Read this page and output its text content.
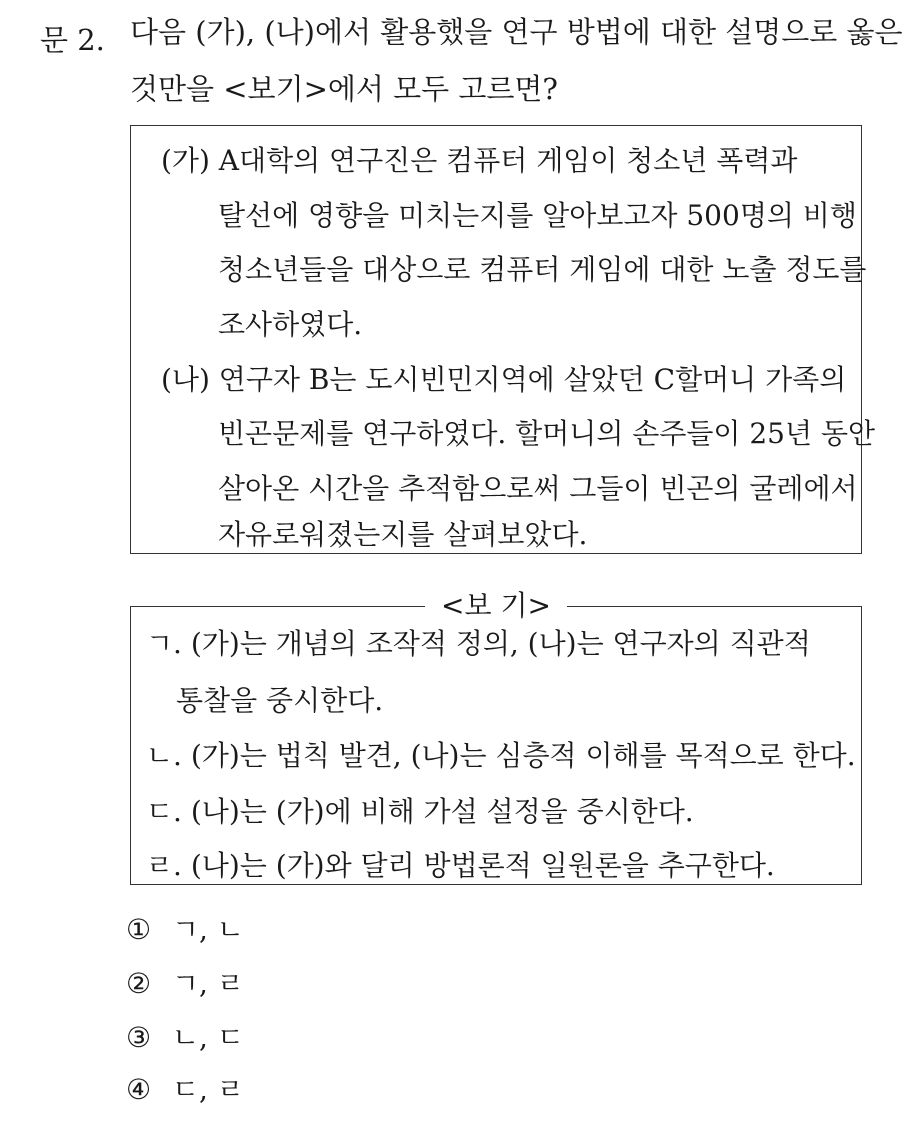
문 2. 다음 (가), (나)에서 활용했을 연구 방법에 대한 설명으로 옳은
것만을 <보기>에서 모두 고르면?
(가) A대학의 연구진은 컴퓨터 게임이 청소년 폭력과
탈선에 영향을 미치는지를 알아보고자 500명의 비행
청소년들을 대상으로 컴퓨터 게임에 대한 노출 정도를
조사하였다.
(나) 연구자 B는 도시빈민지역에 살았던 C할머니 가족의
빈곤문제를 연구하였다. 할머니의 손주들이 25년 동안
살아온 시간을 추적함으로써 그들이 빈곤의 굴레에서
자유로워졌는지를 살펴보았다.
<보 기>
ㄱ. (가)는 개념의 조작적 정의, (나)는 연구자의 직관적
통찰을 중시한다.
ㄴ. (가)는 법칙 발견, (나)는 심층적 이해를 목적으로 한다.
ㄷ. (나)는 (가)에 비해 가설 설정을 중시한다.
ㄹ. (나)는 (가)와 달리 방법론적 일원론을 추구한다.
① ㄱ, ㄴ
② ㄱ, ㄹ
③ ㄴ, ㄷ
④ ㄷ, ㄹ
